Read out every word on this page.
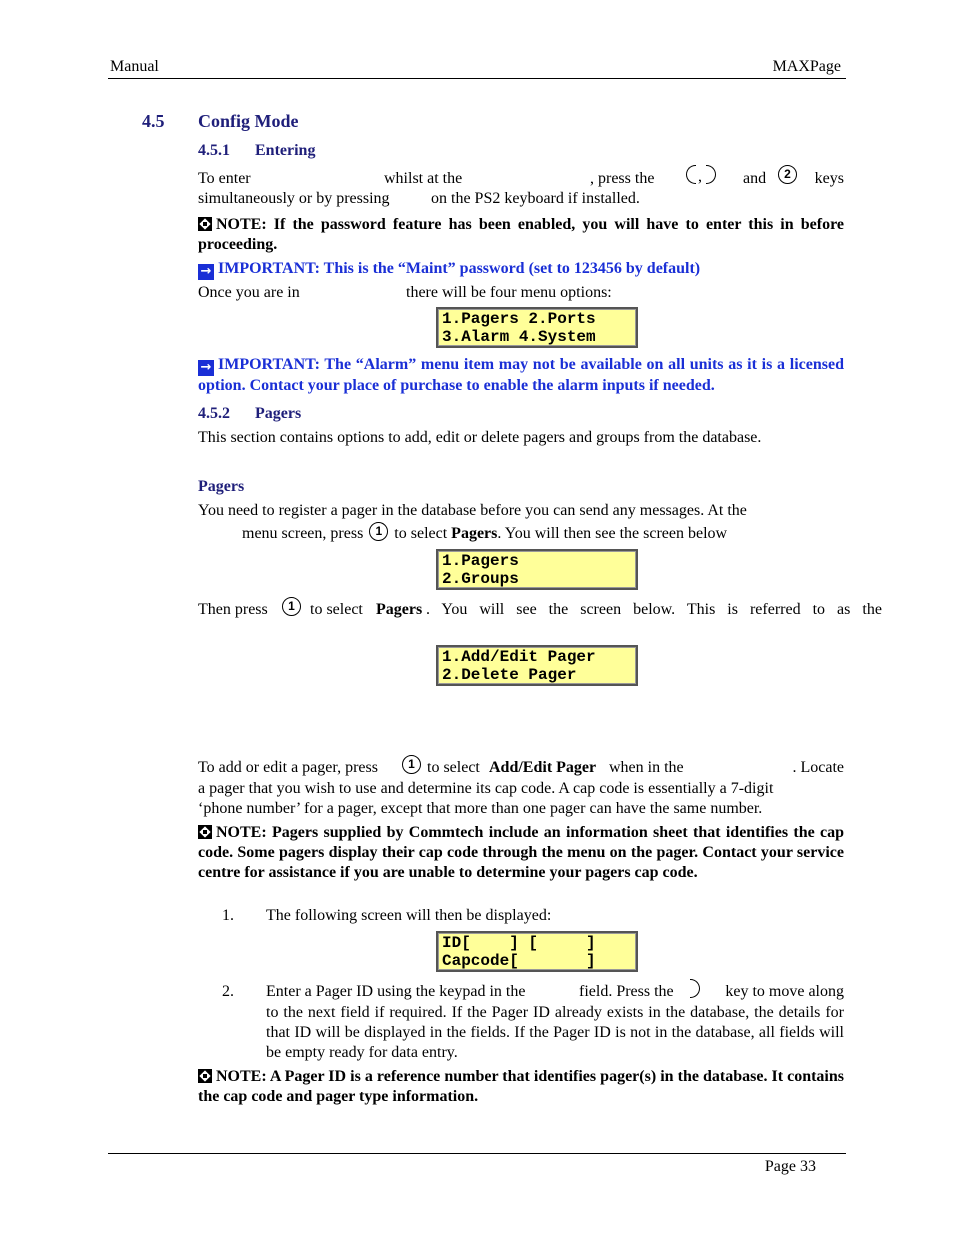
Manual	MAXPage
4.5 Config Mode
4.5.1 Entering
To enter	whilst at the	, press the	,	and	2	keys
simultaneously or by pressing	on the PS2 keyboard if installed.
NOTE: If the password feature has been enabled, you will have to enter this in before proceeding.
→ IMPORTANT: This is the “Maint” password (set to 123456 by default)
Once you are in	there will be four menu options:
1.Pagers 2.Ports
3.Alarm 4.System
→ IMPORTANT: The “Alarm” menu item may not be available on all units as it is a licensed option. Contact your place of purchase to enable the alarm inputs if needed.
4.5.2 Pagers
This section contains options to add, edit or delete pagers and groups from the database.
Pagers
You need to register a pager in the database before you can send any messages. At the
menu screen, press 1 to select Pagers. You will then see the screen below
1.Pagers
2.Groups
Then press	1 to select Pagers .   You   will   see   the   screen   below.   This   is   referred   to   as   the
1.Add/Edit Pager
2.Delete Pager
To add or edit a pager, press	1 to select Add/Edit Pager when in the	. Locate
a pager that you wish to use and determine its cap code. A cap code is essentially a 7-digit
‘phone number’ for a pager, except that more than one pager can have the same number.
NOTE: Pagers supplied by Commtech include an information sheet that identifies the cap code. Some pagers display their cap code through the menu on the pager. Contact your service centre for assistance if you are unable to determine your pagers cap code.
1. The following screen will then be displayed:
ID[    ] [     ]
Capcode[       ]
2. Enter a Pager ID using the keypad in the	field. Press the	key to move along
to the next field if required. If the Pager ID already exists in the database, the details for that ID will be displayed in the fields. If the Pager ID is not in the database, all fields will be empty ready for data entry.
NOTE: A Pager ID is a reference number that identifies pager(s) in the database. It contains the cap code and pager type information.
Page 33
